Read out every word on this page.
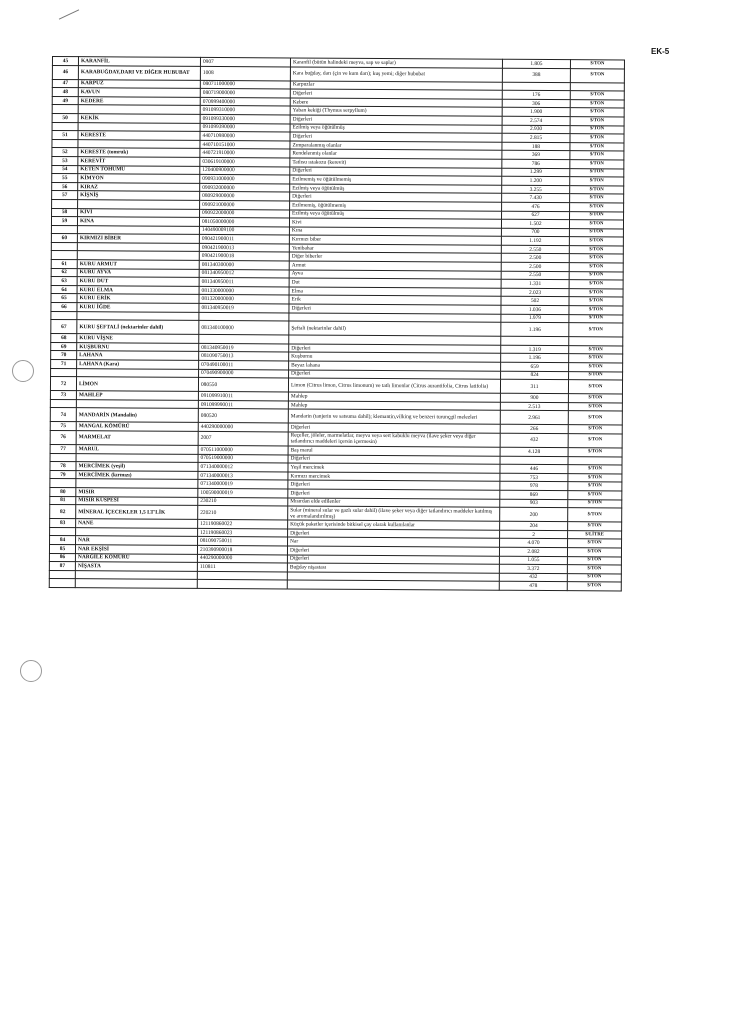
EK-5
45	KARANFİL	0907	Karanfil (bütün halindeki meyva, sap ve saplar)	1.805	$/TON
46	KARABUĞDAY,DARI VE DİĞER HUBUBAT	1008	Kara buğday, darı (çin ve kum darı); kuş yemi; diğer hububat	388	$/TON
47	KARPUZ	080711000000	Karpuzlar		
48	KAVUN	080719000000	Diğerleri	176	$/TON
49	KEDERE	070999400000	Kebere	306	$/TON
		091099310000	Yaban kekiği (Thymus serpyllum)	1.900	$/TON
50	KEKİK	091099330000	Diğerleri	2.574	$/TON
		091099390000	Ezilmiş veya öğütülmüş	2.930	$/TON
51	KERESTE	440710980000	Diğerleri	2.815	$/TON
		440710151000	Zımparalanmış olanlar	188	$/TON
52	KERESTE (tomruk)	440721910000	Rendelenmiş olanlar	369	$/TON
53	KEREVİT	030619100000	Tatlısu ıstakozu (kerevit)	786	$/TON
54	KETEN TOHUMU	120400900000	Diğerleri	1.299	$/TON
55	KİMYON	090931000000	Ezilmemiş ve öğütülmemiş	1.200	$/TON
56	KIRAZ	090932000000	Ezilmiş veya öğütülmüş	3.255	$/TON
57	KİŞNİŞ	080929000000	Diğerleri	7.430	$/TON
		090921000000	Ezilmemiş, öğütülmemiş	476	$/TON
58	KİVİ	090922000000	Ezilmiş veya öğütülmüş	627	$/TON
59	KINA	081050000000	Kivi	1.502	$/TON
		140490009100	Kına	700	$/TON
60	KIRMIZI BİBER	090421900011	Kırmızı biber	1.192	$/TON
		090421900013	Yenibahar	2.550	$/TON
		090421900018	Diğer biberler	2.500	$/TON
61	KURU ARMUT	081340300000	Armut	2.500	$/TON
62	KURU AYVA	081340950012	Ayva	2.550	$/TON
63	KURU DUT	081340950011	Dut	1.331	$/TON
64	KURU ELMA	081330000000	Elma	2.023	$/TON
65	KURU ERİK	081320000000	Erik	502	$/TON
66	KURU İĞDE	081340950019	Diğerleri	1.036	$/TON
				1.979	$/TON
67	KURU ŞEFTALİ (nektarinler dahil)	081340100000	Şeftali (nektarinler dahil)	1.196	$/TON
68	KURU VİŞNE				
69	KUŞBURNU	081340950019	Diğerleri	1.319	$/TON
70	LAHANA	081090750013	Kuşburnu	1.196	$/TON
71	LAHANA (Kara)	070490100011	Beyaz lahana	659	$/TON
		070490900000	Diğerleri	824	$/TON
72	LİMON	080550	Limon (Citrus limon, Citrus limonum) ve tatlı limonlar (Citrus aurantifolia, Citrus latifolia)	311	$/TON
73	MAHLEP	091099910011	Mahlep	900	$/TON
		091099990011	Mahlep	2.513	$/TON
74	MANDARİN (Mandalin)	080520	Mandarin (tanjerin ve satsuma dahil); klemantin,vilking ve benzeri turunçgil melezleri	2.961	$/TON
75	MANGAL KÖMÜRÜ	440290000000	Diğerleri	266	$/TON
76	MARMELAT	2007	Reçeller, jöleler, marmelatlar, meyva veya sert kabuklu meyva (ilave şeker veya diğer tatlandırıcı maddeleri içersin içermesin)	432	$/TON
77	MARUL	070511000000	Baş marul	4.128	$/TON
		070519000000	Diğerleri		
78	MERCİMEK (yeşil)	071340000012	Yeşil mercimek	446	$/TON
79	MERCİMEK (kırmızı)	071340000013	Kırmızı mercimek	753	$/TON
		071340000019	Diğerleri	978	$/TON
80	MISIR	100590000019	Diğerleri	869	$/TON
81	MISIR KÜSPESİ	230210	Mısırdan elde edilenler	903	$/TON
82	MİNERAL İÇECEKLER 1,5 LT'LİK	220210	Sular (mineral sular ve gazlı sular dahil) (ilave şeker veya diğer tatlandırıcı maddeler katılmış ve aromalandırılmış)	200	$/TON
83	NANE	121190860022	Küçük paketler içerisinde bitkisel çay olarak kullanılanlar	204	$/TON
		121190860023	Diğerleri	2	$/LİTRE
84	NAR	081090750011	Nar	4.070	$/TON
85	NAR EKŞİSİ	210390900018	Diğerleri	2.082	$/TON
86	NARGİLE KÖMÜRÜ	440290000000	Diğerleri	1.055	$/TON
87	NİŞASTA	110811	Buğday nişastası	3.372	$/TON
				432	$/TON
				478	$/TON
